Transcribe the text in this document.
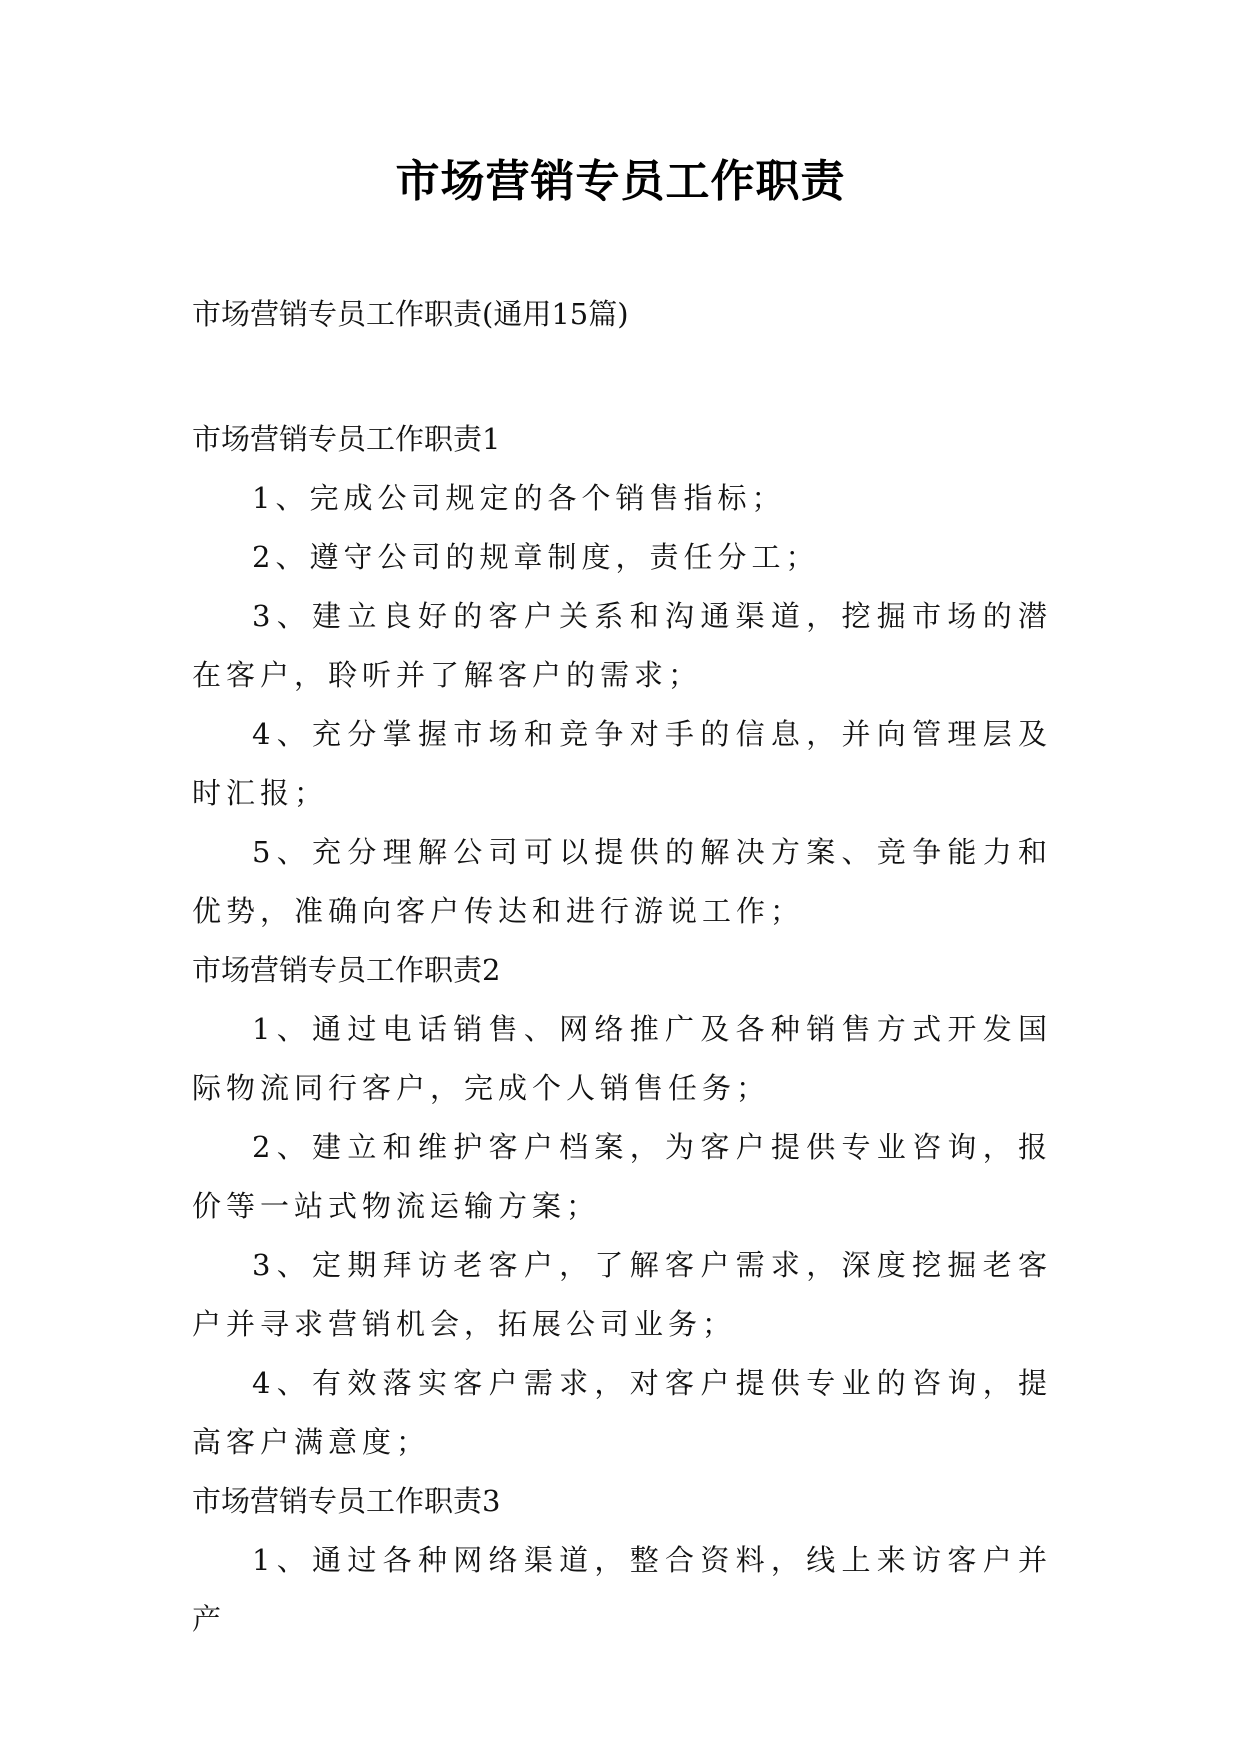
市场营销专员工作职责
市场营销专员工作职责(通用15篇)
市场营销专员工作职责1

1、完成公司规定的各个销售指标；

2、遵守公司的规章制度，责任分工；

3、建立良好的客户关系和沟通渠道，挖掘市场的潜在客户，聆听并了解客户的需求；

4、充分掌握市场和竞争对手的信息，并向管理层及时汇报；

5、充分理解公司可以提供的解决方案、竞争能力和优势，准确向客户传达和进行游说工作；

市场营销专员工作职责2

1、通过电话销售、网络推广及各种销售方式开发国际物流同行客户，完成个人销售任务；

2、建立和维护客户档案，为客户提供专业咨询，报价等一站式物流运输方案；

3、定期拜访老客户，了解客户需求，深度挖掘老客户并寻求营销机会，拓展公司业务；

4、有效落实客户需求，对客户提供专业的咨询，提高客户满意度；

市场营销专员工作职责3

1、通过各种网络渠道，整合资料，线上来访客户并产
